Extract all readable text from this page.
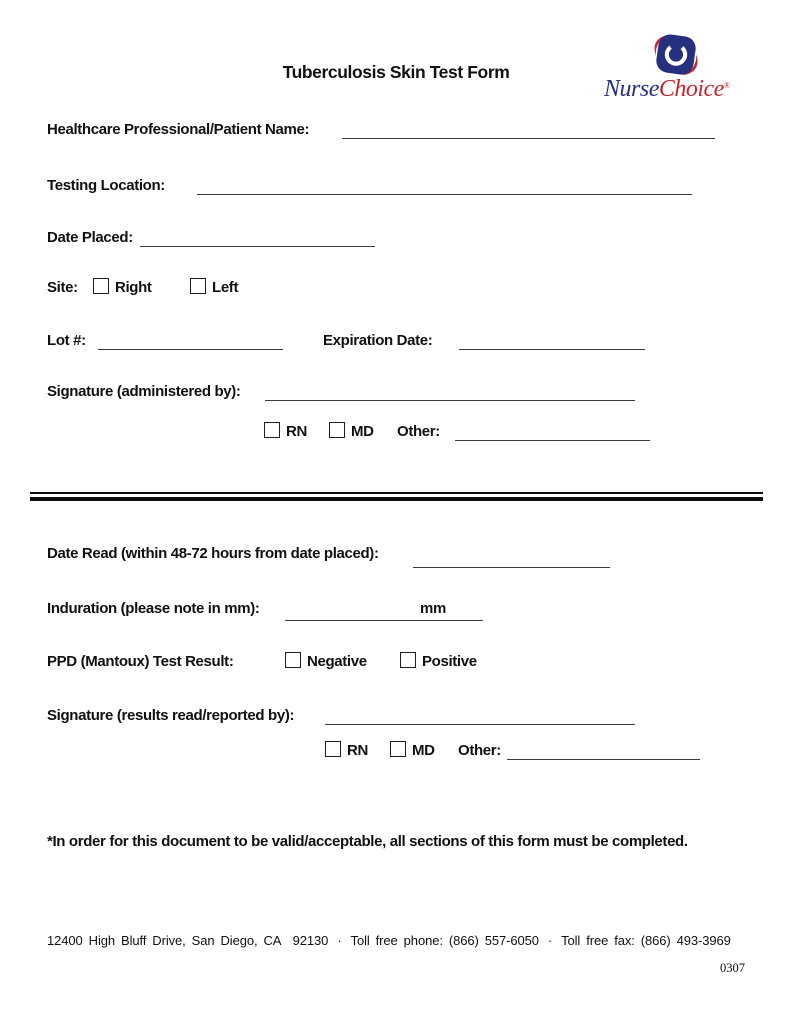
Tuberculosis Skin Test Form
NurseChoice®
Healthcare Professional/Patient Name:
Testing Location:
Date Placed:
Site: Right	Left
Lot #:	Expiration Date:
Signature (administered by):
RN	MD Other:
Date Read (within 48-72 hours from date placed):
Induration (please note in mm):	mm
PPD (Mantoux) Test Result:	Negative	Positive
Signature (results read/reported by):
RN	MD Other:
*In order for this document to be valid/acceptable, all sections of this form must be completed.
12400 High Bluff Drive, San Diego, CA  92130 · Toll free phone: (866) 557-6050 · Toll free fax: (866) 493-3969
0307
